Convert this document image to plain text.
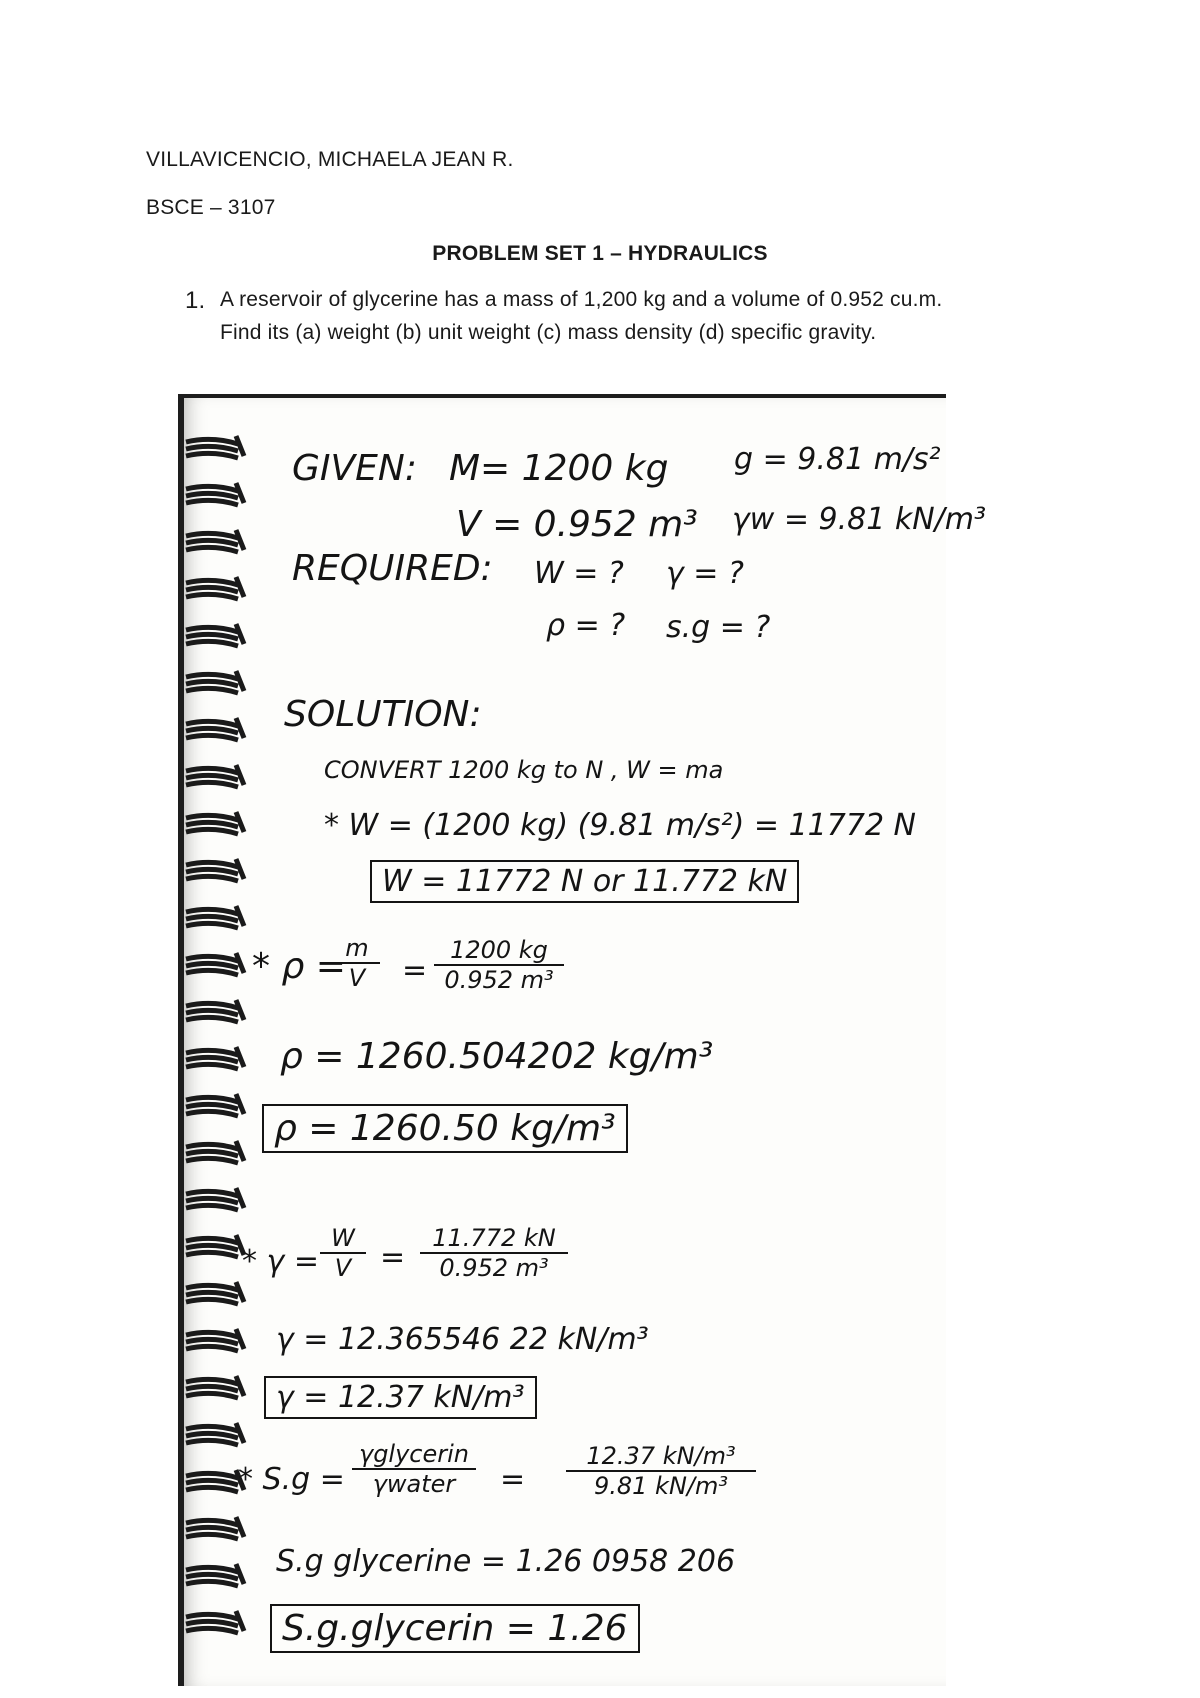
VILLAVICENCIO, MICHAELA JEAN R.
BSCE – 3107
PROBLEM SET 1 – HYDRAULICS
1. A reservoir of glycerine has a mass of 1,200 kg and a volume of 0.952 cu.m.
Find its (a) weight (b) unit weight (c) mass density (d) specific gravity.
GIVEN: M= 1200 kg g = 9.81 m/s²
V = 0.952 m³ γw = 9.81 kN/m³
REQUIRED: W = ? γ = ?
ρ = ? s.g = ?
SOLUTION:
CONVERT 1200 kg to N , W = ma
* W = (1200 kg) (9.81 m/s²) = 11772 N
W = 11772 N or 11.772 kN
* ρ =
$\frac{m}{V} = \frac{1200 kg}{\text{0.952 m³}}$
ρ = 1260.504202 kg/m³
ρ = 1260.50 kg/m³
* $\gamma = \frac{W}{V} = \frac{11.772 kN}{\text{0.952 m³}}$
γ = 12.365546 22 kN/m³
γ = 12.37 kN/m³
* S.g =
γglycerin
γwater	= $\frac{\text{12.37 kN/m³}}{\text{9.81 kN/m³}}$
S.g glycerine = 1.26 0958 206
S.g.glycerin = 1.26
